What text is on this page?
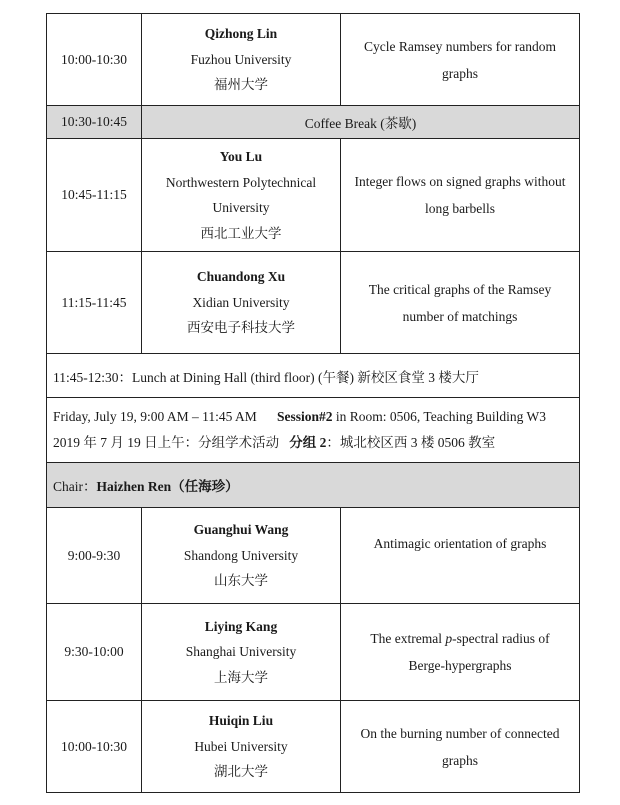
10:00-10:30	Qizhong Lin
Fuzhou University
福州大学	Cycle Ramsey numbers for random
graphs

10:30-10:45	Coffee Break (茶歇)	
10:45-11:15	You Lu
Northwestern Polytechnical
University
西北工业大学	Integer flows on signed graphs without
long barbells

11:15-11:45	Chuandong Xu
Xidian University
西安电子科技大学	The critical graphs of the Ramsey
number of matchings

11:45-12:30：Lunch at Dining Hall (third floor) (午餐) 新校区食堂 3 楼大厅		

Friday, July 19, 9:00 AM – 11:45 AM Session#2 in Room: 0506, Teaching Building W3
2019 年 7 月 19 日上午：分组学术活动 分组 2：城北校区西 3 楼 0506 教室		

Chair：Haizhen Ren（任海珍）		
9:00-9:30	Guanghui Wang
Shandong University
山东大学	Antimagic orientation of graphs
9:30-10:00	Liying Kang
Shanghai University
上海大学	The extremal p-spectral radius of
Berge-hypergraphs

10:00-10:30	Huiqin Liu
Hubei University
湖北大学	On the burning number of connected
graphs
